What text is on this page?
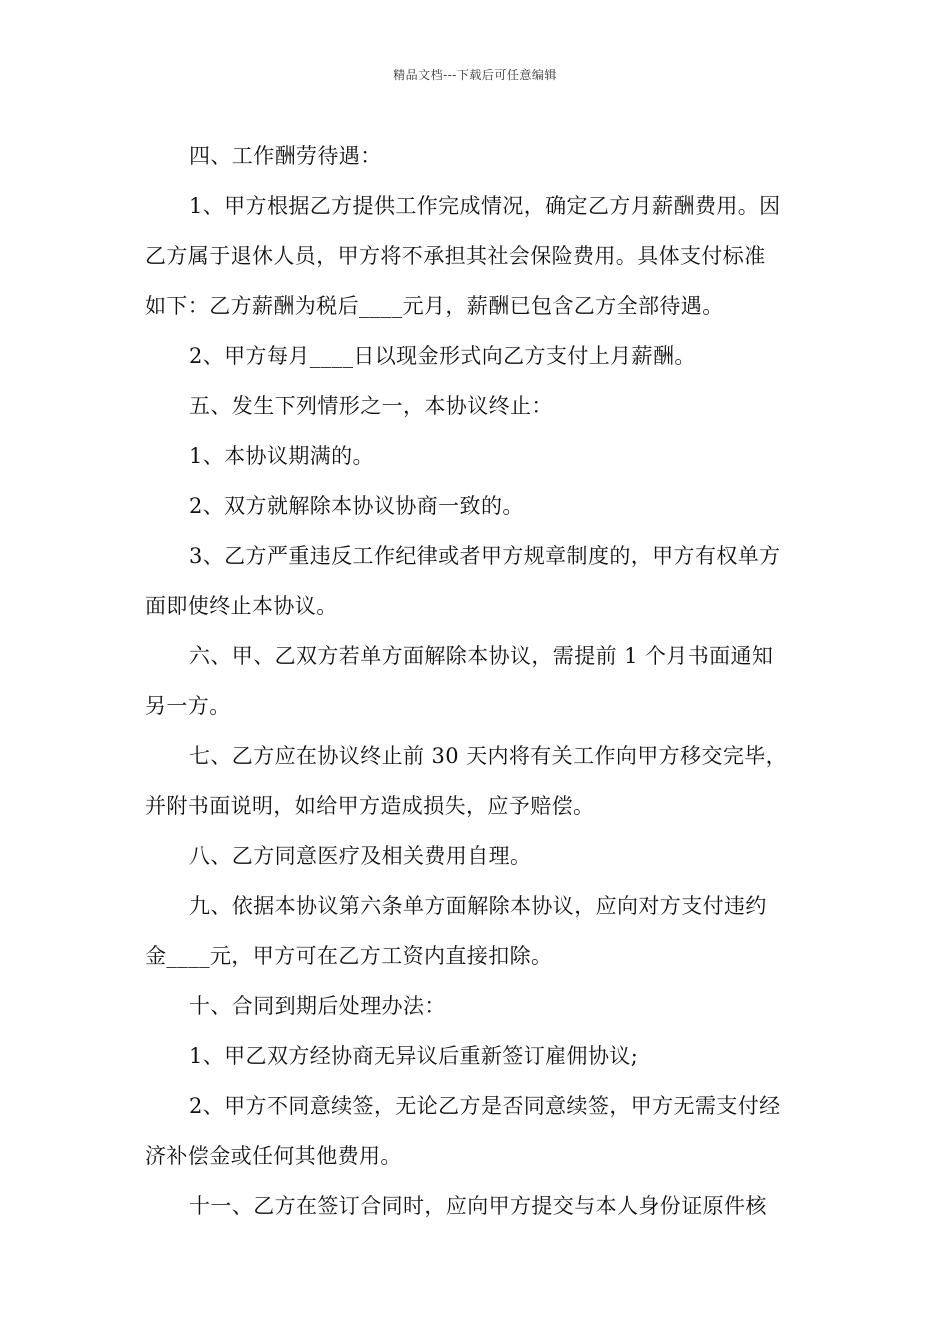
精品文档---下载后可任意编辑

四、工作酬劳待遇：

1、甲方根据乙方提供工作完成情况，确定乙方月薪酬费用。因

乙方属于退休人员，甲方将不承担其社会保险费用。具体支付标准

如下：乙方薪酬为税后____元月，薪酬已包含乙方全部待遇。

2、甲方每月____日以现金形式向乙方支付上月薪酬。

五、发生下列情形之一，本协议终止：

1、本协议期满的。

2、双方就解除本协议协商一致的。

3、乙方严重违反工作纪律或者甲方规章制度的，甲方有权单方

面即使终止本协议。

六、甲、乙双方若单方面解除本协议，需提前 1 个月书面通知

另一方。

七、乙方应在协议终止前 30 天内将有关工作向甲方移交完毕，

并附书面说明，如给甲方造成损失，应予赔偿。

八、乙方同意医疗及相关费用自理。

九、依据本协议第六条单方面解除本协议，应向对方支付违约

金____元，甲方可在乙方工资内直接扣除。

十、合同到期后处理办法：

1、甲乙双方经协商无异议后重新签订雇佣协议;

2、甲方不同意续签，无论乙方是否同意续签，甲方无需支付经

济补偿金或任何其他费用。

十一、乙方在签订合同时，应向甲方提交与本人身份证原件核
